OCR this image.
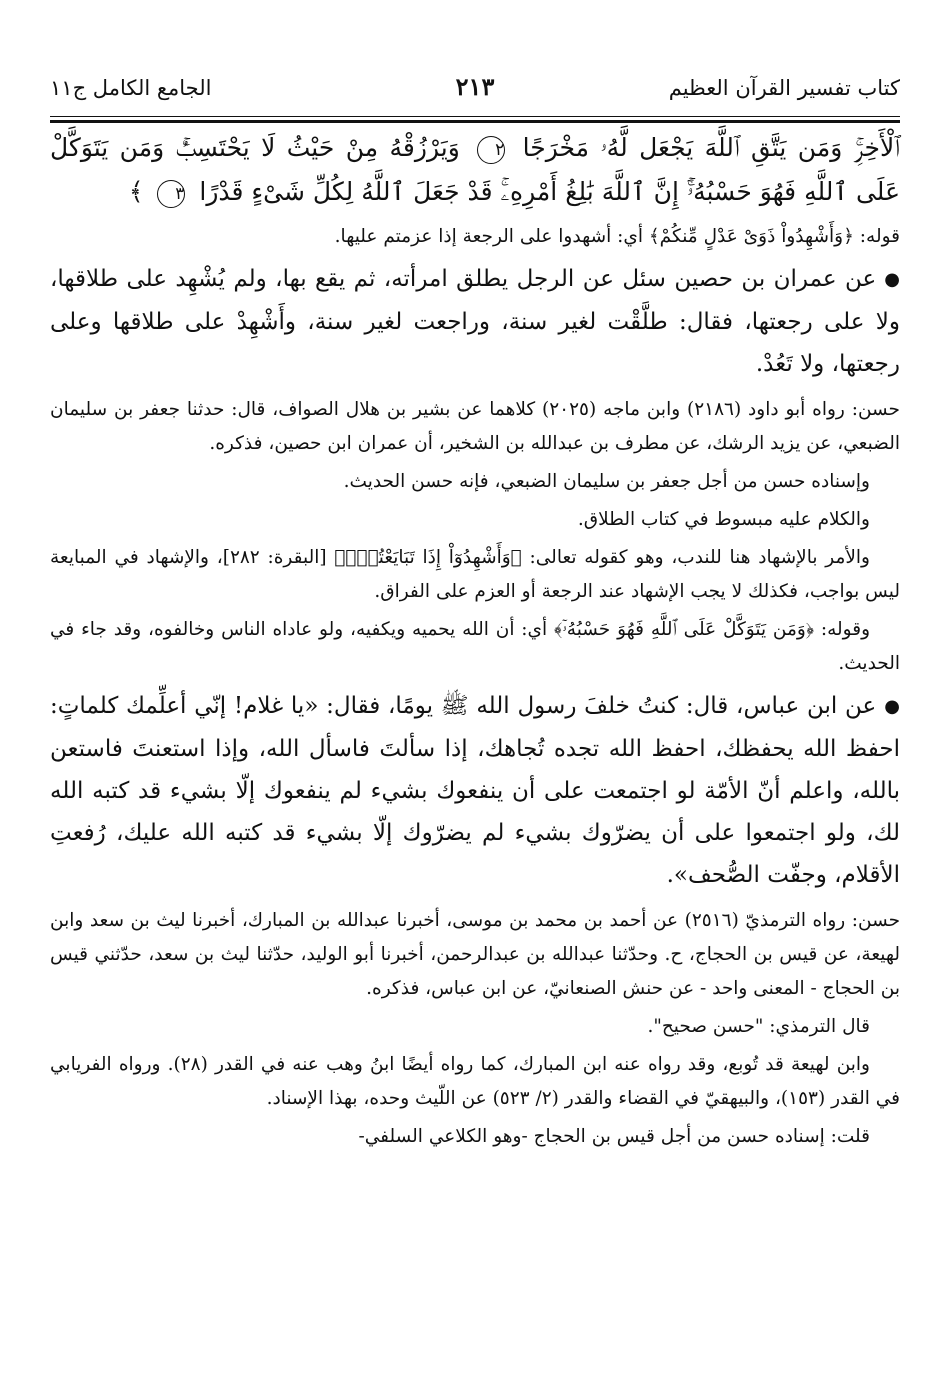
كتاب تفسير القرآن العظيم
٢١٣
الجامع الكامل ج١١

ٱلْأَخِرِۚ وَمَن يَتَّقِ ٱللَّهَ يَجْعَل لَّهُۥ مَخْرَجًا ٢ وَيَرْزُقْهُ مِنْ حَيْثُ لَا يَحْتَسِبُۚ وَمَن يَتَوَكَّلْ عَلَى ٱللَّهِ فَهُوَ حَسْبُهُۥٓۚ إِنَّ ٱللَّهَ بَٰلِغُ أَمْرِهِۦۚ قَدْ جَعَلَ ٱللَّهُ لِكُلِّ شَىْءٍ قَدْرًا ٣ ﴾

قوله: ﴿وَأَشْهِدُواْ ذَوَىْ عَدْلٍ مِّنكُمْ﴾ أي: أشهدوا على الرجعة إذا عزمتم عليها.

●عن عمران بن حصين سئل عن الرجل يطلق امرأته، ثم يقع بها، ولم يُشْهِد على طلاقها، ولا على رجعتها، فقال: طلَّقْت لغير سنة، وراجعت لغير سنة، وأَشْهِدْ على طلاقها وعلى رجعتها، ولا تَعُدْ.

حسن: رواه أبو داود (٢١٨٦) وابن ماجه (٢٠٢٥) كلاهما عن بشير بن هلال الصواف، قال: حدثنا جعفر بن سليمان الضبعي، عن يزيد الرشك، عن مطرف بن عبدالله بن الشخير، أن عمران ابن حصين، فذكره.

وإسناده حسن من أجل جعفر بن سليمان الضبعي، فإنه حسن الحديث.

والكلام عليه مبسوط في كتاب الطلاق.

والأمر بالإشهاد هنا للندب، وهو كقوله تعالى: ﴿وَأَشْهِدُوٓاْ إِذَا تَبَايَعْتُمْۚ﴾ [البقرة: ٢٨٢]، والإشهاد في المبايعة ليس بواجب، فكذلك لا يجب الإشهاد عند الرجعة أو العزم على الفراق.

وقوله: ﴿وَمَن يَتَوَكَّلْ عَلَى ٱللَّهِ فَهُوَ حَسْبُهُۥٓ﴾ أي: أن الله يحميه ويكفيه، ولو عاداه الناس وخالفوه، وقد جاء في الحديث.

●عن ابن عباس، قال: كنتُ خلفَ رسول الله ﷺ يومًا، فقال: «يا غلام! إنّي أعلِّمك كلماتٍ: احفظ الله يحفظك، احفظ الله تجده تُجاهك، إذا سألتَ فاسأل الله، وإذا استعنتَ فاستعن بالله، واعلم أنّ الأمّة لو اجتمعت على أن ينفعوك بشيء لم ينفعوك إلّا بشيء قد كتبه الله لك، ولو اجتمعوا على أن يضرّوك بشيء لم يضرّوك إلّا بشيء قد كتبه الله عليك، رُفعتِ الأقلام، وجفّت الصُّحف».

حسن: رواه الترمذيّ (٢٥١٦) عن أحمد بن محمد بن موسى، أخبرنا عبدالله بن المبارك، أخبرنا ليث بن سعد وابن لهيعة، عن قيس بن الحجاج، ح. وحدّثنا عبدالله بن عبدالرحمن، أخبرنا أبو الوليد، حدّثنا ليث بن سعد، حدّثني قيس بن الحجاج - المعنى واحد - عن حنش الصنعانيّ، عن ابن عباس، فذكره.

قال الترمذي: "حسن صحيح".

وابن لهيعة قد تُوبع، وقد رواه عنه ابن المبارك، كما رواه أيضًا ابنُ وهب عنه في القدر (٢٨). ورواه الفريابي في القدر (١٥٣)، والبيهقيّ في القضاء والقدر (٢/ ٥٢٣) عن اللّيث وحده، بهذا الإسناد.

قلت: إسناده حسن من أجل قيس بن الحجاج -وهو الكلاعي السلفي-
